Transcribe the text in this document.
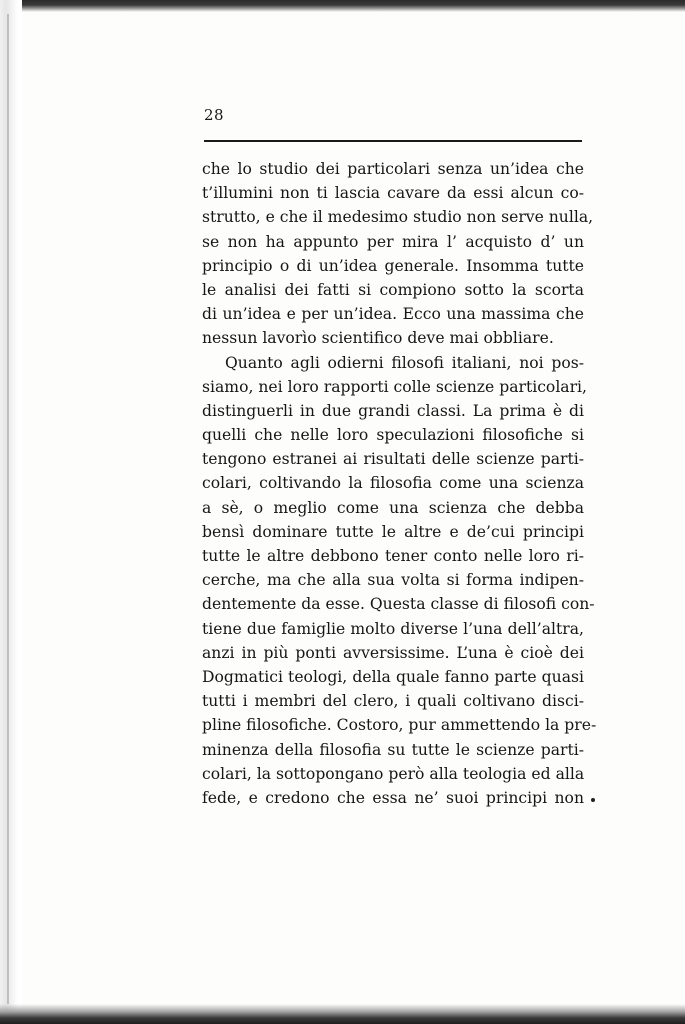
28
che lo studio dei particolari senza un’idea che
t’illumini non ti lascia cavare da essi alcun co-
strutto, e che il medesimo studio non serve nulla,
se non ha appunto per mira l’ acquisto d’ un
principio o di un’idea generale. Insomma tutte
le analisi dei fatti si compiono sotto la scorta
di un’idea e per un’idea. Ecco una massima che
nessun lavorìo scientifico deve mai obbliare.
Quanto agli odierni filosofi italiani, noi pos-
siamo, nei loro rapporti colle scienze particolari,
distinguerli in due grandi classi. La prima è di
quelli che nelle loro speculazioni filosofiche si
tengono estranei ai risultati delle scienze parti-
colari, coltivando la filosofia come una scienza
a sè, o meglio come una scienza che debba
bensì dominare tutte le altre e de’cui principi
tutte le altre debbono tener conto nelle loro ri-
cerche, ma che alla sua volta si forma indipen-
dentemente da esse. Questa classe di filosofi con-
tiene due famiglie molto diverse l’una dell’altra,
anzi in più ponti avversissime. L’una è cioè dei
Dogmatici teologi, della quale fanno parte quasi
tutti i membri del clero, i quali coltivano disci-
pline filosofiche. Costoro, pur ammettendo la pre-
minenza della filosofia su tutte le scienze parti-
colari, la sottopongano però alla teologia ed alla
fede, e credono che essa ne’ suoi principi non
